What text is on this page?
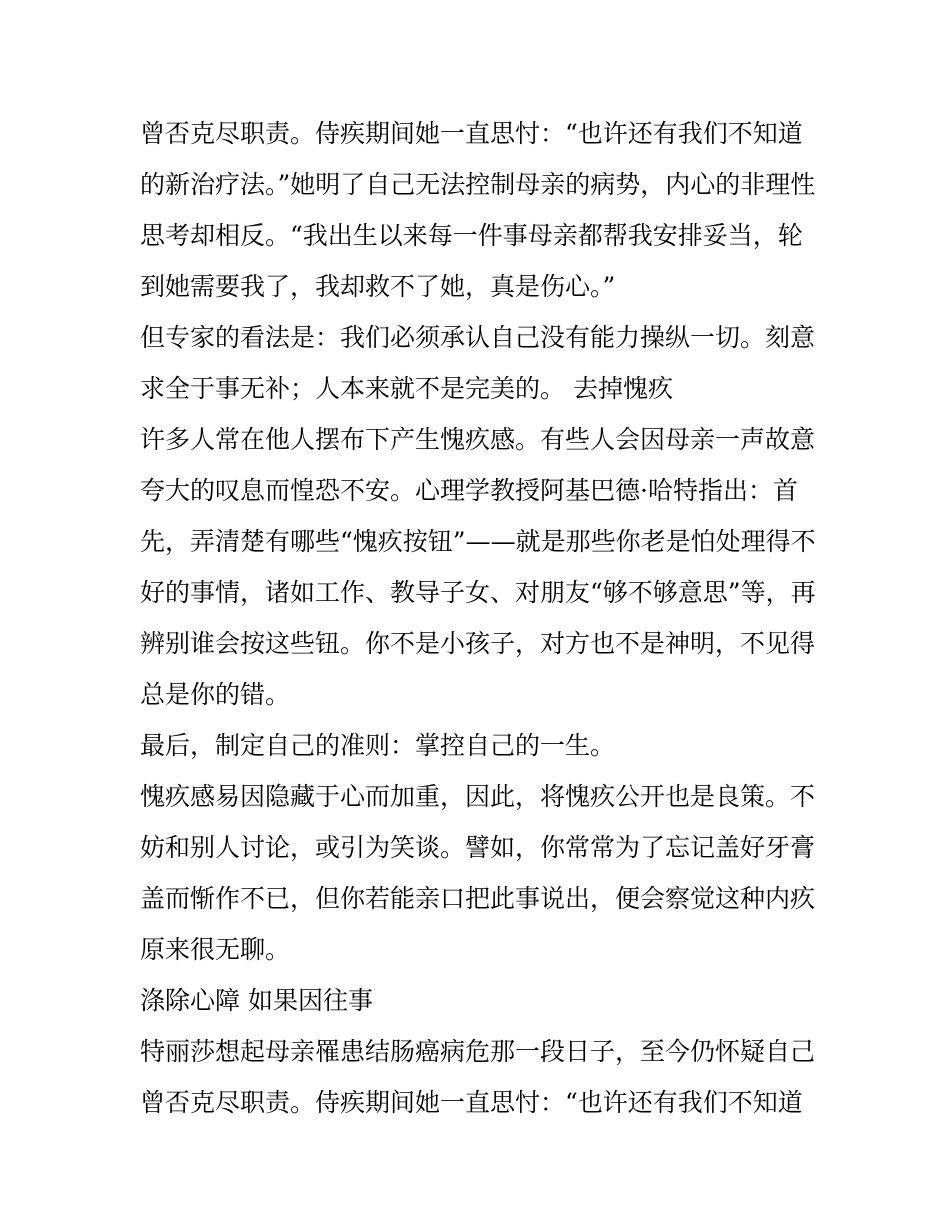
曾否克尽职责。侍疾期间她一直思忖：“也许还有我们不知道的新治疗法。”她明了自己无法控制母亲的病势，内心的非理性思考却相反。“我出生以来每一件事母亲都帮我安排妥当，轮到她需要我了，我却救不了她，真是伤心。”

但专家的看法是：我们必须承认自己没有能力操纵一切。刻意求全于事无补；人本来就不是完美的。 去掉愧疚

许多人常在他人摆布下产生愧疚感。有些人会因母亲一声故意夸大的叹息而惶恐不安。心理学教授阿基巴德·哈特指出：首先，弄清楚有哪些“愧疚按钮”——就是那些你老是怕处理得不好的事情，诸如工作、教导子女、对朋友“够不够意思”等，再辨别谁会按这些钮。你不是小孩子，对方也不是神明，不见得总是你的错。

最后，制定自己的准则：掌控自己的一生。

愧疚感易因隐藏于心而加重，因此，将愧疚公开也是良策。不妨和别人讨论，或引为笑谈。譬如，你常常为了忘记盖好牙膏盖而惭作不已，但你若能亲口把此事说出，便会察觉这种内疚原来很无聊。

涤除心障 如果因往事

特丽莎想起母亲罹患结肠癌病危那一段日子，至今仍怀疑自己曾否克尽职责。侍疾期间她一直思忖：“也许还有我们不知道
